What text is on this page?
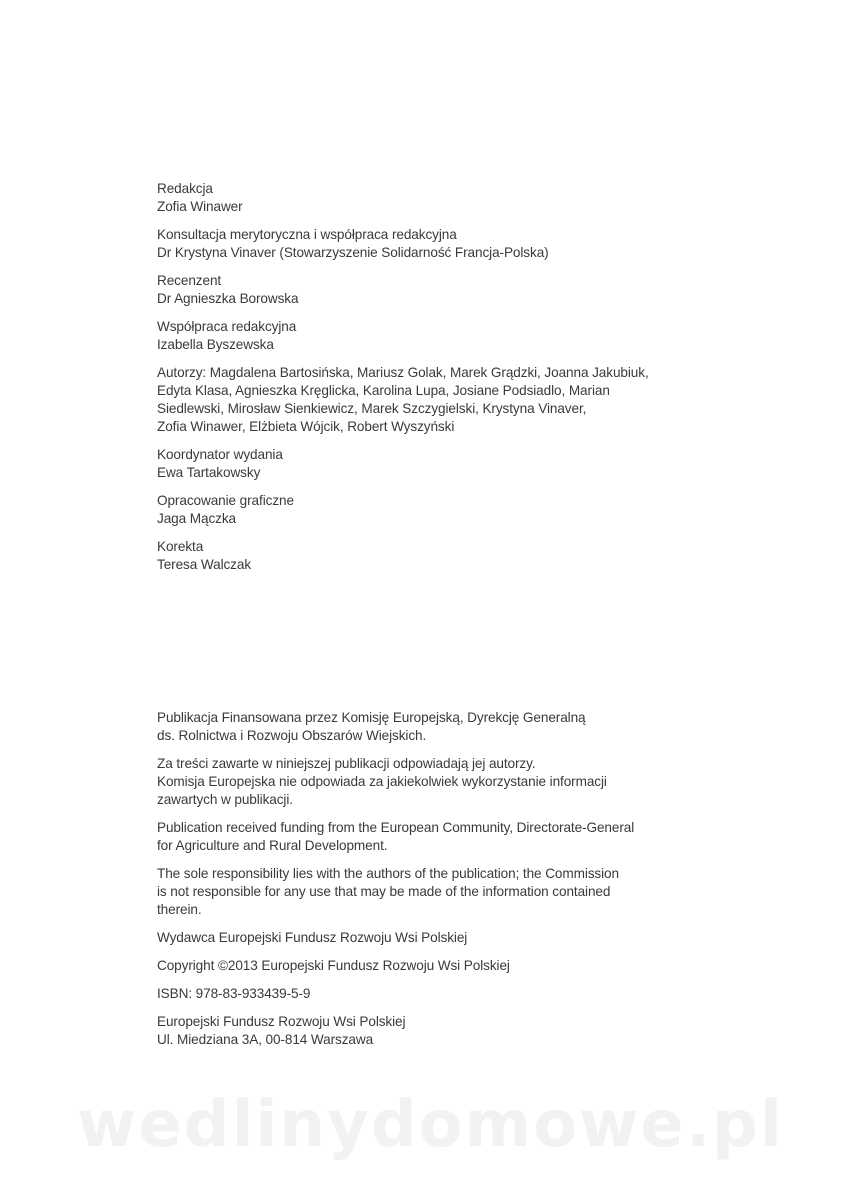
Redakcja
Zofia Winawer
Konsultacja merytoryczna i współpraca redakcyjna
Dr Krystyna Vinaver (Stowarzyszenie Solidarność Francja-Polska)
Recenzent
Dr Agnieszka Borowska
Współpraca redakcyjna
Izabella Byszewska
Autorzy: Magdalena Bartosińska, Mariusz Golak, Marek Grądzki, Joanna Jakubiuk,
Edyta Klasa, Agnieszka Kręglicka, Karolina Lupa, Josiane Podsiadlo, Marian
Siedlewski, Mirosław Sienkiewicz, Marek Szczygielski, Krystyna Vinaver,
Zofia Winawer, Elżbieta Wójcik, Robert Wyszyński
Koordynator wydania
Ewa Tartakowsky
Opracowanie graficzne
Jaga Mączka
Korekta
Teresa Walczak

Publikacja Finansowana przez Komisję Europejską, Dyrekcję Generalną
ds. Rolnictwa i Rozwoju Obszarów Wiejskich.

Za treści zawarte w niniejszej publikacji odpowiadają jej autorzy.
Komisja Europejska nie odpowiada za jakiekolwiek wykorzystanie informacji
zawartych w publikacji.

Publication received funding from the European Community, Directorate-General
for Agriculture and Rural Development.

The sole responsibility lies with the authors of the publication; the Commission
is not responsible for any use that may be made of the information contained
therein.

Wydawca Europejski Fundusz Rozwoju Wsi Polskiej

Copyright ©2013 Europejski Fundusz Rozwoju Wsi Polskiej

ISBN: 978-83-933439-5-9

Europejski Fundusz Rozwoju Wsi Polskiej
Ul. Miedziana 3A, 00-814 Warszawa

wedlinydomowe.pl
